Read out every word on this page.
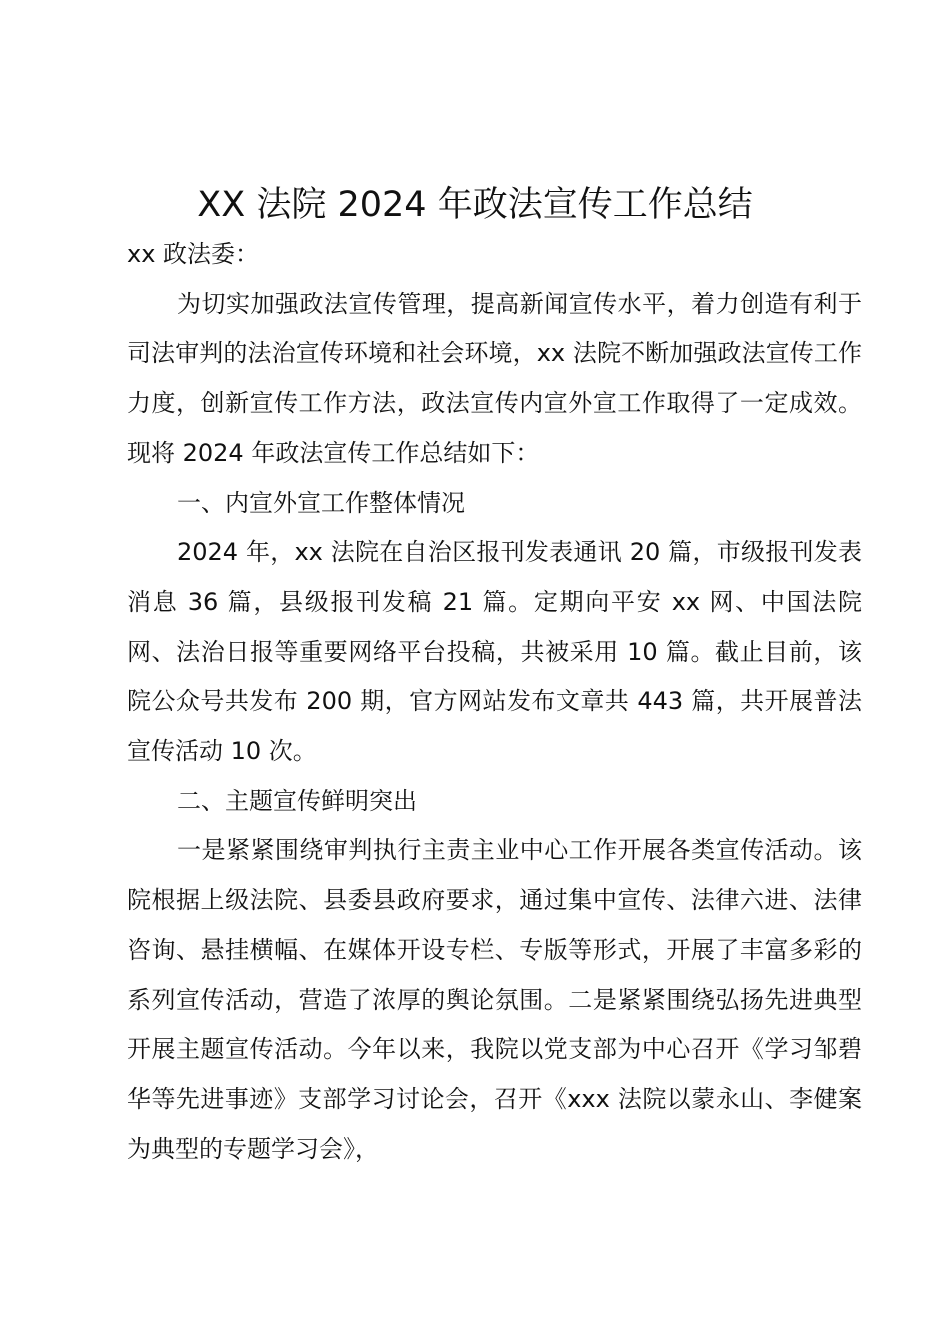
XX 法院 2024 年政法宣传工作总结

xx 政法委：

为切实加强政法宣传管理，提高新闻宣传水平，着力创造有利于司法审判的法治宣传环境和社会环境，xx 法院不断加强政法宣传工作力度，创新宣传工作方法，政法宣传内宣外宣工作取得了一定成效。现将 2024 年政法宣传工作总结如下：

一、内宣外宣工作整体情况

2024 年，xx 法院在自治区报刊发表通讯 20 篇，市级报刊发表消息 36 篇，县级报刊发稿 21 篇。定期向平安 xx 网、中国法院网、法治日报等重要网络平台投稿，共被采用 10 篇。截止目前，该院公众号共发布 200 期，官方网站发布文章共 443 篇，共开展普法宣传活动 10 次。

二、主题宣传鲜明突出

一是紧紧围绕审判执行主责主业中心工作开展各类宣传活动。该院根据上级法院、县委县政府要求，通过集中宣传、法律六进、法律咨询、悬挂横幅、在媒体开设专栏、专版等形式，开展了丰富多彩的系列宣传活动，营造了浓厚的舆论氛围。二是紧紧围绕弘扬先进典型开展主题宣传活动。今年以来，我院以党支部为中心召开《学习邹碧华等先进事迹》支部学习讨论会，召开《xxx 法院以蒙永山、李健案为典型的专题学习会》，
